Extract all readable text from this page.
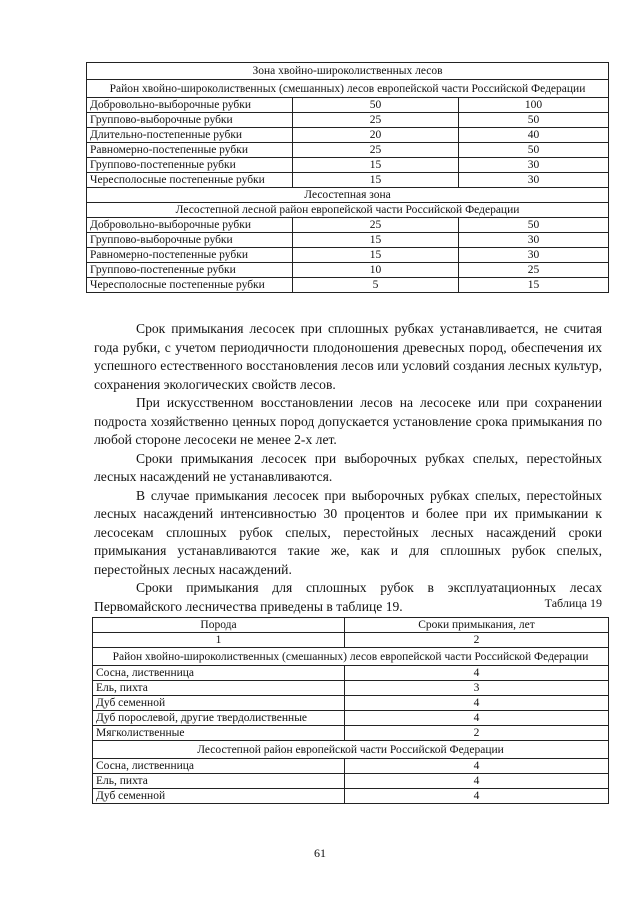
Зона хвойно-широколиственных лесов		
Район хвойно-широколиственных (смешанных) лесов европейской части Российской Федерации		
Добровольно-выборочные рубки	50	100
Группово-выборочные рубки	25	50
Длительно-постепенные рубки	20	40
Равномерно-постепенные рубки	25	50
Группово-постепенные рубки	15	30
Чересполосные постепенные рубки	15	30
Лесостепная зона		
Лесостепной лесной район европейской части Российской Федерации		
Добровольно-выборочные рубки	25	50
Группово-выборочные рубки	15	30
Равномерно-постепенные рубки	15	30
Группово-постепенные рубки	10	25
Чересполосные постепенные рубки	5	15

Срок примыкания лесосек при сплошных рубках устанавливается, не считая года рубки, с учетом периодичности плодоношения древесных пород, обеспечения их успешного естественного восстановления лесов или условий создания лесных культур, сохранения экологических свойств лесов.

При искусственном восстановлении лесов на лесосеке или при сохранении подроста хозяйственно ценных пород допускается установление срока примыкания по любой стороне лесосеки не менее 2-х лет.

Сроки примыкания лесосек при выборочных рубках спелых, перестойных лесных насаждений не устанавливаются.

В случае примыкания лесосек при выборочных рубках спелых, перестойных лесных насаждений интенсивностью 30 процентов и более при их примыкании к лесосекам сплошных рубок спелых, перестойных лесных насаждений сроки примыкания устанавливаются такие же, как и для сплошных рубок спелых, перестойных лесных насаждений.

Сроки примыкания для сплошных рубок в эксплуатационных лесах Первомайского лесничества приведены в таблице 19.	Таблица 19
Порода	Сроки примыкания, лет
1	2
Район хвойно-широколиственных (смешанных) лесов европейской части Российской Федерации	
Сосна, лиственница	4
Ель, пихта	3
Дуб семенной	4
Дуб порослевой, другие твердолиственные	4
Мягколиственные	2
Лесостепной район европейской части Российской Федерации	
Сосна, лиственница	4
Ель, пихта	4
Дуб семенной	4
61
